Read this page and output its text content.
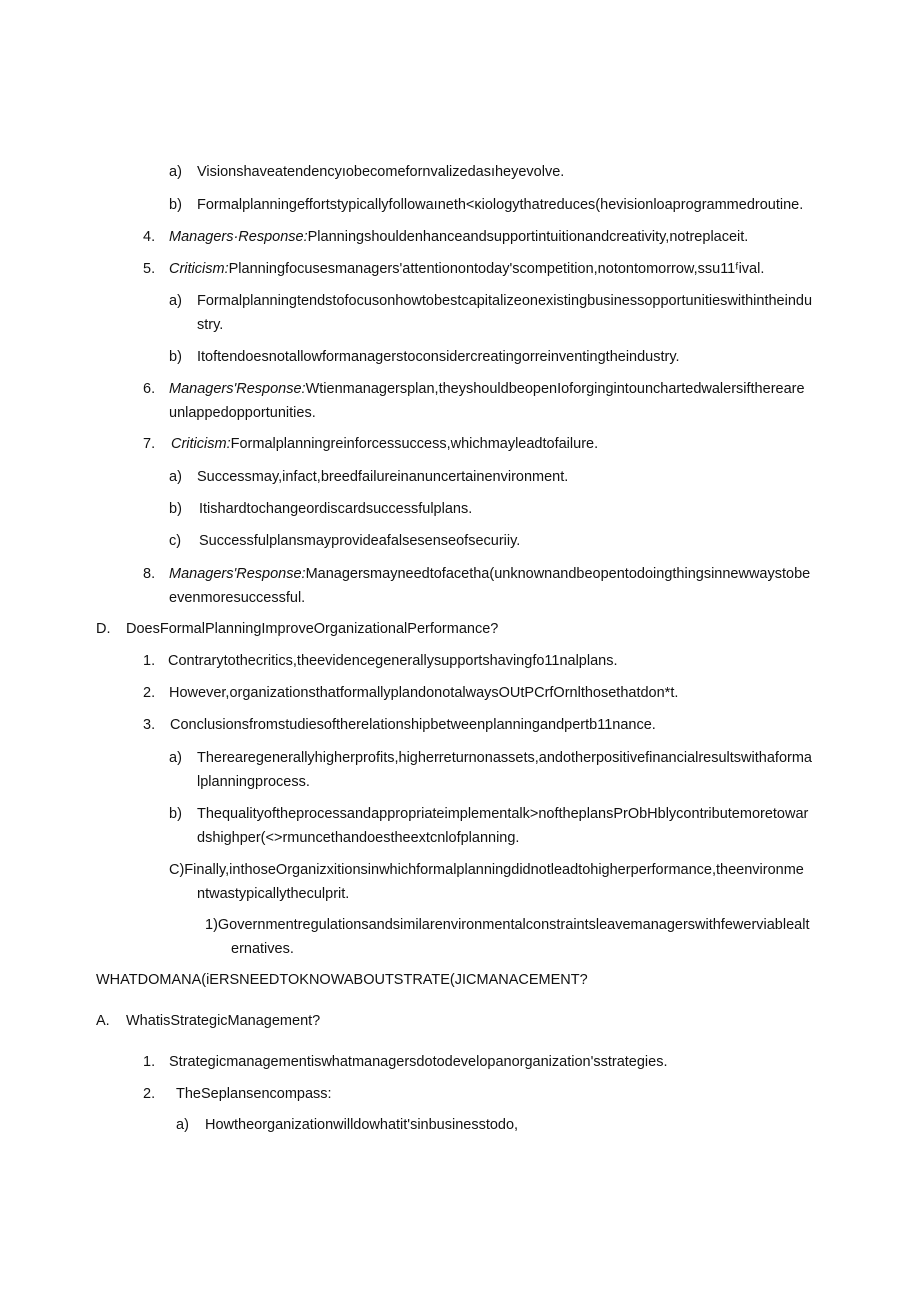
a) Visionshaveatendencyıobecomefornvalizedasıheyevolve.
b) Formalplanningeffortstypicallyfollowaıneth<κiologythatreduces(hevisionloaprogrammedroutine.
4. Managers·Response:Planningshouldenhanceandsupportintuitionandcreativity,notreplaceit.
5. Criticism:Planningfocusesmanagers'attentionontoday'scompetition,notontomorrow,ssu11ᶠival.
a) Formalplanningtendstofocusonhowtobestcapitalizeonexistingbusinessopportunitieswithintheindu
stry.
b) Itoftendoesnotallowformanagerstoconsidercreatingorreinventingtheindustry.
6. Managers'Response:Wtienmanagersplan,theyshouldbeopenIoforgingintounchartedwalersifthereare
unlappedopportunities.
7. Criticism:Formalplanningreinforcessuccess,whichmayleadtofailure.
a) Successmay,infact,breedfailureinanuncertainenvironment.
b) Itishardtochangeordiscardsuccessfulplans.
c) Successfulplansmayprovideafalsesenseofsecuriiy.
8. Managers'Response:Managersmayneedtofacetha(unknownandbeopentodoingthingsinnewwaystobe
evenmoresuccessful.
D. DoesFormalPlanningImproveOrganizationalPerformance?
1. Contrarytothecritics,theevidencegenerallysupportshavingfo11nalplans.
2. However,organizationsthatformallyplandonotalwaysOUtPCrfOrnlthosethatdon*t.
3. Conclusionsfromstudiesoftherelationshipbetweenplanningandpertb11nance.
a) Therearegenerallyhigherprofits,higherreturnonassets,andotherpositivefinancialresultswithaforma
lplanningprocess.
b) Thequalityoftheprocessandappropriateimplementalk>noftheplansPrObHblycontributemoretowar
dshighper(<>rmuncethandoestheextcnlofplanning.
C)Finally,inthoseOrganizxitionsinwhichformalplanningdidnotleadtohigherperformance,theenvironme
ntwastypicallytheculprit.
1)Governmentregulationsandsimilarenvironmentalconstraintsleavemanagerswithfewerviablealt
ernatives.
WHATDOMANA(iERSNEEDTOKNOWABOUTSTRATE(JICMANACEMENT?
A. WhatisStrategicManagement?
1. Strategicmanagementiswhatmanagersdotodevelopanorganization'sstrategies.
2. TheSeplansencompass:
a) Howtheorganizationwilldowhatit'sinbusinesstodo,
